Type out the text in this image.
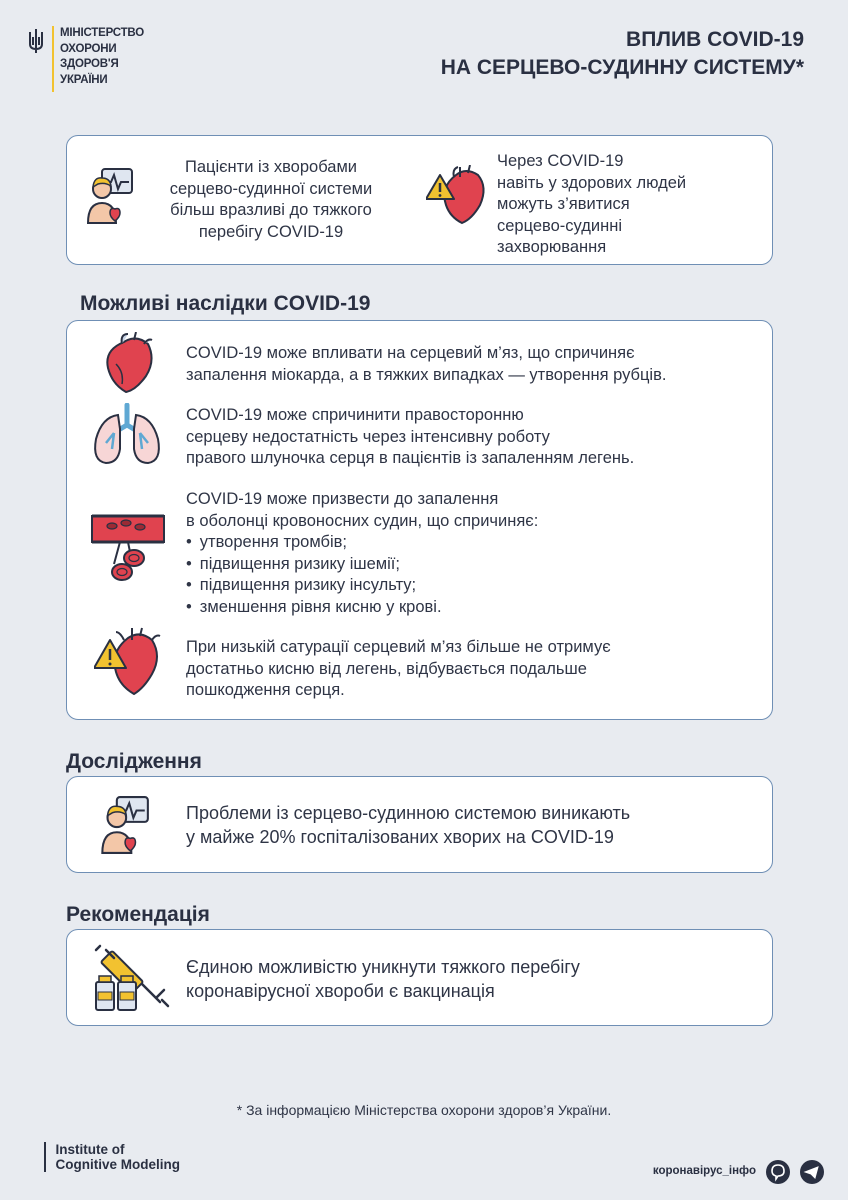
МІНІСТЕРСТВО
ОХОРОНИ
ЗДОРОВ'Я
УКРАЇНИ
ВПЛИВ COVID-19
НА СЕРЦЕВО-СУДИННУ СИСТЕМУ*
Пацієнти із хворобами
серцево-судинної системи
більш вразливі до тяжкого
перебігу COVID-19
Через COVID-19
навіть у здорових людей
можуть з’явитися
серцево-судинні
захворювання
Можливі наслідки COVID-19
COVID-19 може впливати на серцевий м’яз, що спричиняє
запалення міокарда, а в тяжких випадках — утворення рубців.
COVID-19 може спричинити правосторонню
серцеву недостатність через інтенсивну роботу
правого шлуночка серця в пацієнтів із запаленням легень.
COVID-19 може призвести до запалення
в оболонці кровоносних судин, що спричиняє:
• утворення тромбів;
• підвищення ризику ішемії;
• підвищення ризику інсульту;
• зменшення рівня кисню у крові.
При низькій сатурації серцевий м’яз більше не отримує
достатньо кисню від легень, відбувається подальше
пошкодження серця.
Дослідження
Проблеми із серцево-судинною системою виникають
у майже 20% госпіталізованих хворих на COVID-19
Рекомендація
Єдиною можливістю уникнути тяжкого перебігу
коронавірусної хвороби є вакцинація
* За інформацією Міністерства охорони здоров’я України.
Institute of
Cognitive Modeling	коронавірус_інфо
